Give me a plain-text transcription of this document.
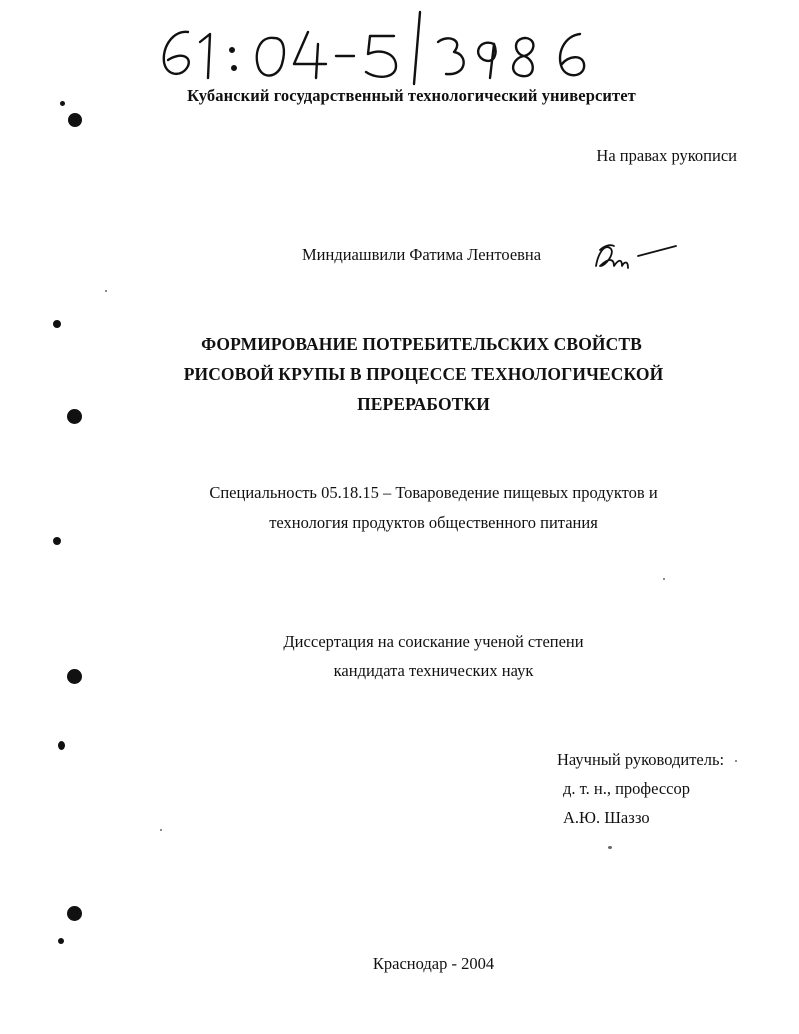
Кубанский государственный технологический университет
На правах рукописи
Миндиашвили Фатима Лентоевна
ФОРМИРОВАНИЕ ПОТРЕБИТЕЛЬСКИХ СВОЙСТВ
РИСОВОЙ КРУПЫ В ПРОЦЕССЕ ТЕХНОЛОГИЧЕСКОЙ
ПЕРЕРАБОТКИ
Специальность 05.18.15 – Товароведение пищевых продуктов и
технология продуктов общественного питания
Диссертация на соискание ученой степени
кандидата технических наук
Научный руководитель:
д. т. н., профессор
А.Ю. Шаззо
Краснодар - 2004
